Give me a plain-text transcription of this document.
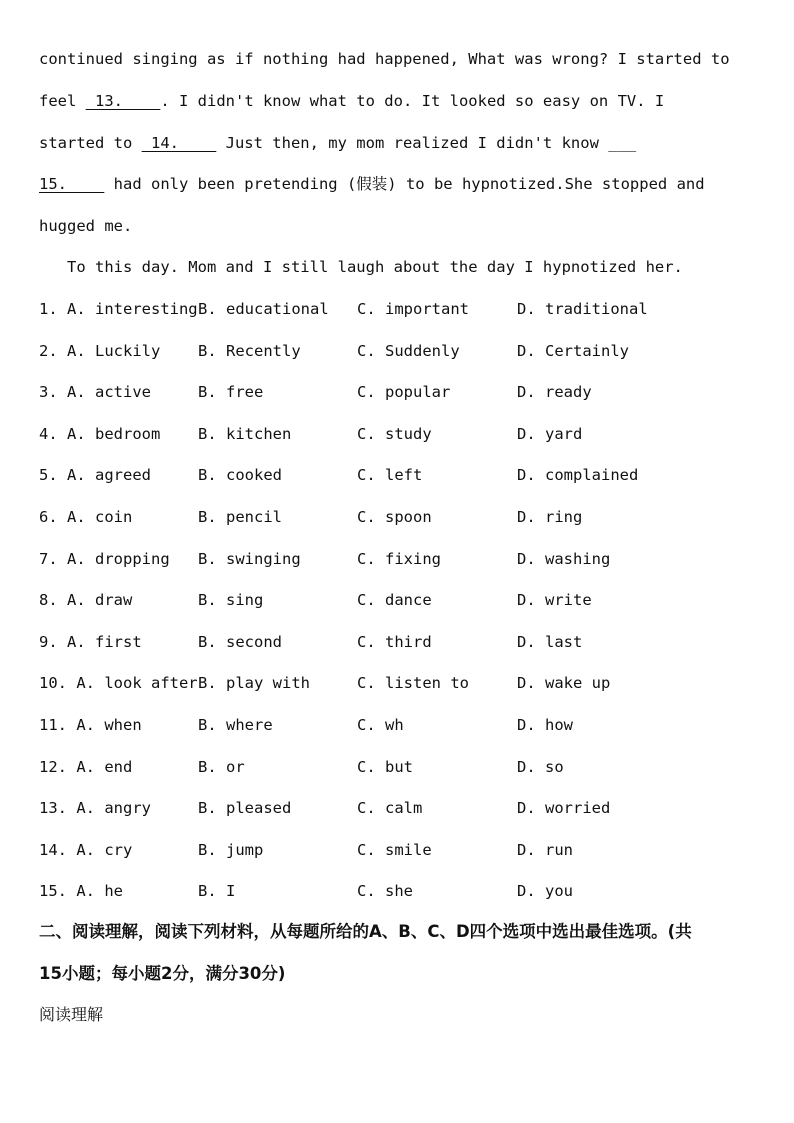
continued singing as if nothing had happened, What was wrong? I started to
feel  13.    . I didn't know what to do. It looked so easy on TV. I
started to  14.     Just then, my mom realized I didn't know ___
15.     had only been pretending (假装) to be hypnotized.She stopped and
hugged me.
To this day. Mom and I still laugh about the day I hypnotized her.
1. A. interesting B. educational C. important	D. traditional
2. A. Luckily B. Recently	C. Suddenly	D. Certainly
3. A. active	B. free	C. popular	D. ready
4. A. bedroom B. kitchen	C. study	D. yard
5. A. agreed	B. cooked	C. left	D. complained
6. A. coin	B. pencil	C. spoon	D. ring
7. A. dropping B. swinging	C. fixing	D. washing
8. A. draw	B. sing	C. dance	D. write
9. A. first	B. second	C. third	D. last
10. A. look after B. play with	C. listen to	D. wake up
11. A. when	B. where	C. wh	D. how
12. A. end	B. or	C. but	D. so
13. A. angry	B. pleased	C. calm	D. worried
14. A. cry	B. jump	C. smile	D. run
15. A. he	B. I	C. she	D. you
二、阅读理解，阅读下列材料，从每题所给的A、B、C、D四个选项中选出最佳选项。(共
15小题；每小题2分，满分30分)
阅读理解
